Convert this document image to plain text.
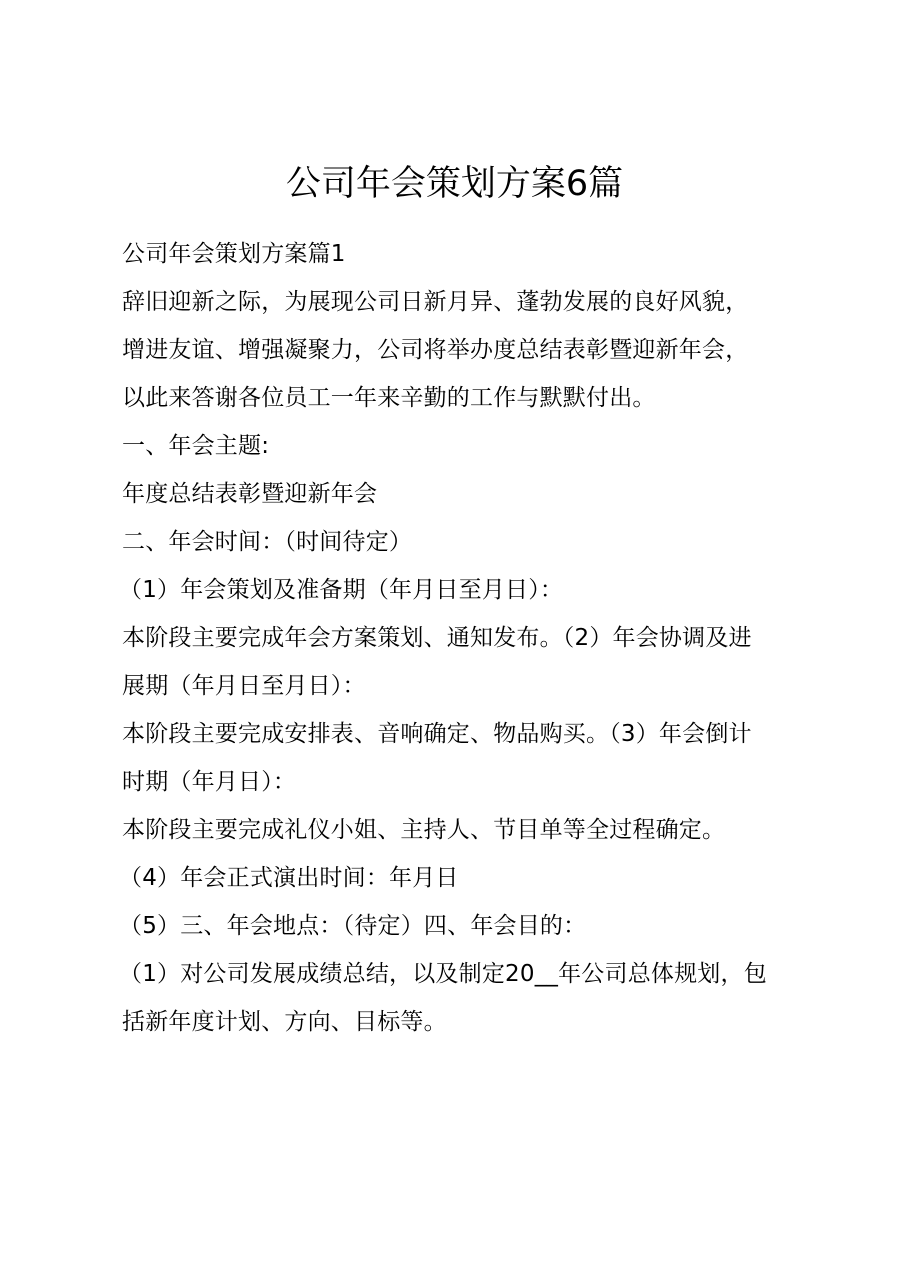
公司年会策划方案6篇
公司年会策划方案篇1
辞旧迎新之际，为展现公司日新月异、蓬勃发展的良好风貌，
增进友谊、增强凝聚力，公司将举办度总结表彰暨迎新年会，
以此来答谢各位员工一年来辛勤的工作与默默付出。
一、年会主题:
年度总结表彰暨迎新年会
二、年会时间：（时间待定）
（1）年会策划及准备期（年月日至月日）：
本阶段主要完成年会方案策划、通知发布。（2）年会协调及进
展期（年月日至月日）：
本阶段主要完成安排表、音响确定、物品购买。（3）年会倒计
时期（年月日）：
本阶段主要完成礼仪小姐、主持人、节目单等全过程确定。
（4）年会正式演出时间：年月日
（5）三、年会地点：（待定）四、年会目的：
（1）对公司发展成绩总结，以及制定20__年公司总体规划，包
括新年度计划、方向、目标等。
